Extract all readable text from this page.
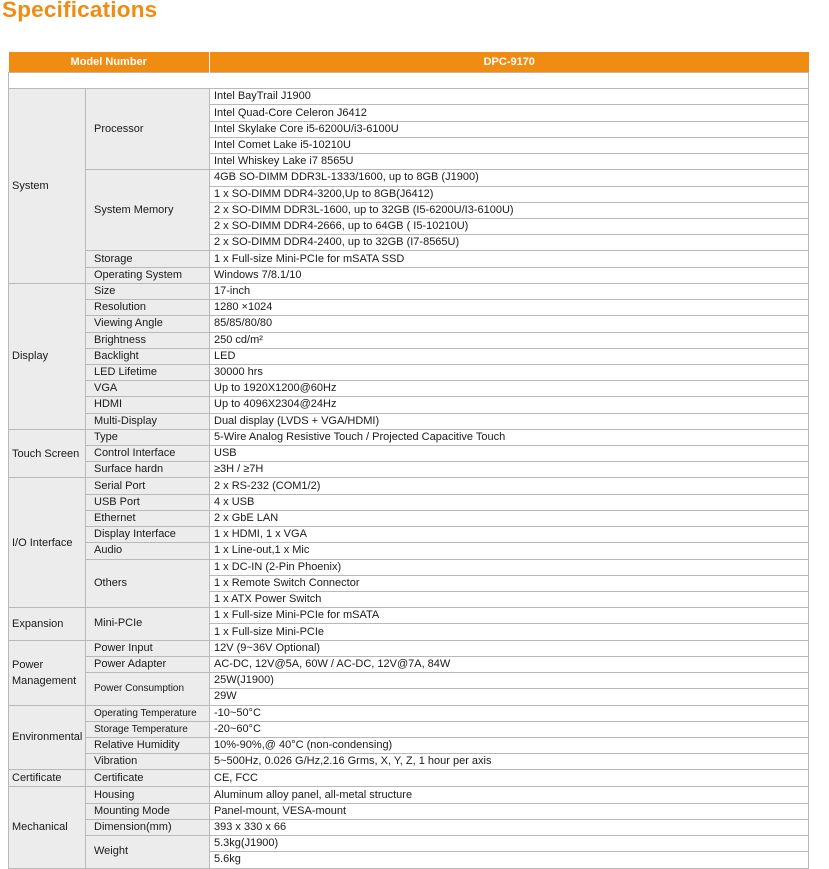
Specifications
Model Number		DPC-9170

System	Processor	Intel BayTrail J1900
		Intel Quad-Core Celeron J6412
		Intel Skylake Core i5-6200U/i3-6100U
		Intel Comet Lake i5-10210U
		Intel Whiskey Lake i7 8565U
	System Memory	4GB SO-DIMM DDR3L-1333/1600, up to 8GB (J1900)
		1 x SO-DIMM DDR4-3200,Up to 8GB(J6412)
		2 x SO-DIMM DDR3L-1600, up to 32GB (I5-6200U/I3-6100U)
		2 x SO-DIMM DDR4-2666, up to 64GB ( I5-10210U)
		2 x SO-DIMM DDR4-2400, up to 32GB (I7-8565U)
	Storage	1 x Full-size Mini-PCIe for mSATA SSD
	Operating System	Windows 7/8.1/10
Display	Size	17-inch
	Resolution	1280 ×1024
	Viewing Angle	85/85/80/80
	Brightness	250 cd/m²
	Backlight	LED
	LED Lifetime	30000 hrs
	VGA	Up to 1920X1200@60Hz
	HDMI	Up to 4096X2304@24Hz
	Multi-Display	Dual display (LVDS + VGA/HDMI)
Touch Screen	Type	5-Wire Analog Resistive Touch / Projected Capacitive Touch
	Control Interface	USB
	Surface hardn	≥3H / ≥7H
I/O Interface	Serial Port	2 x RS-232 (COM1/2)
	USB Port	4 x USB
	Ethernet	2 x GbE LAN
	Display Interface	1 x HDMI, 1 x VGA
	Audio	1 x Line-out,1 x Mic
	Others	1 x DC-IN (2-Pin Phoenix)
		1 x Remote Switch Connector
		1 x ATX Power Switch
Expansion	Mini-PCIe	1 x Full-size Mini-PCIe for mSATA
		1 x Full-size Mini-PCIe

Power
Management	Power Input	12V (9~36V Optional)
	Power Adapter	AC-DC, 12V@5A, 60W / AC-DC, 12V@7A, 84W
	Power Consumption	25W(J1900)
		29W
Environmental	Operating Temperature	-10~50°C
	Storage Temperature	-20~60°C
	Relative Humidity	10%-90%,@ 40°C (non-condensing)
	Vibration	5~500Hz, 0.026 G/Hz,2.16 Grms, X, Y, Z, 1 hour per axis
Certificate	Certificate	CE, FCC
Mechanical	Housing	Aluminum alloy panel, all-metal structure
	Mounting Mode	Panel-mount, VESA-mount
	Dimension(mm)	393 x 330 x 66
	Weight	5.3kg(J1900)
		5.6kg
